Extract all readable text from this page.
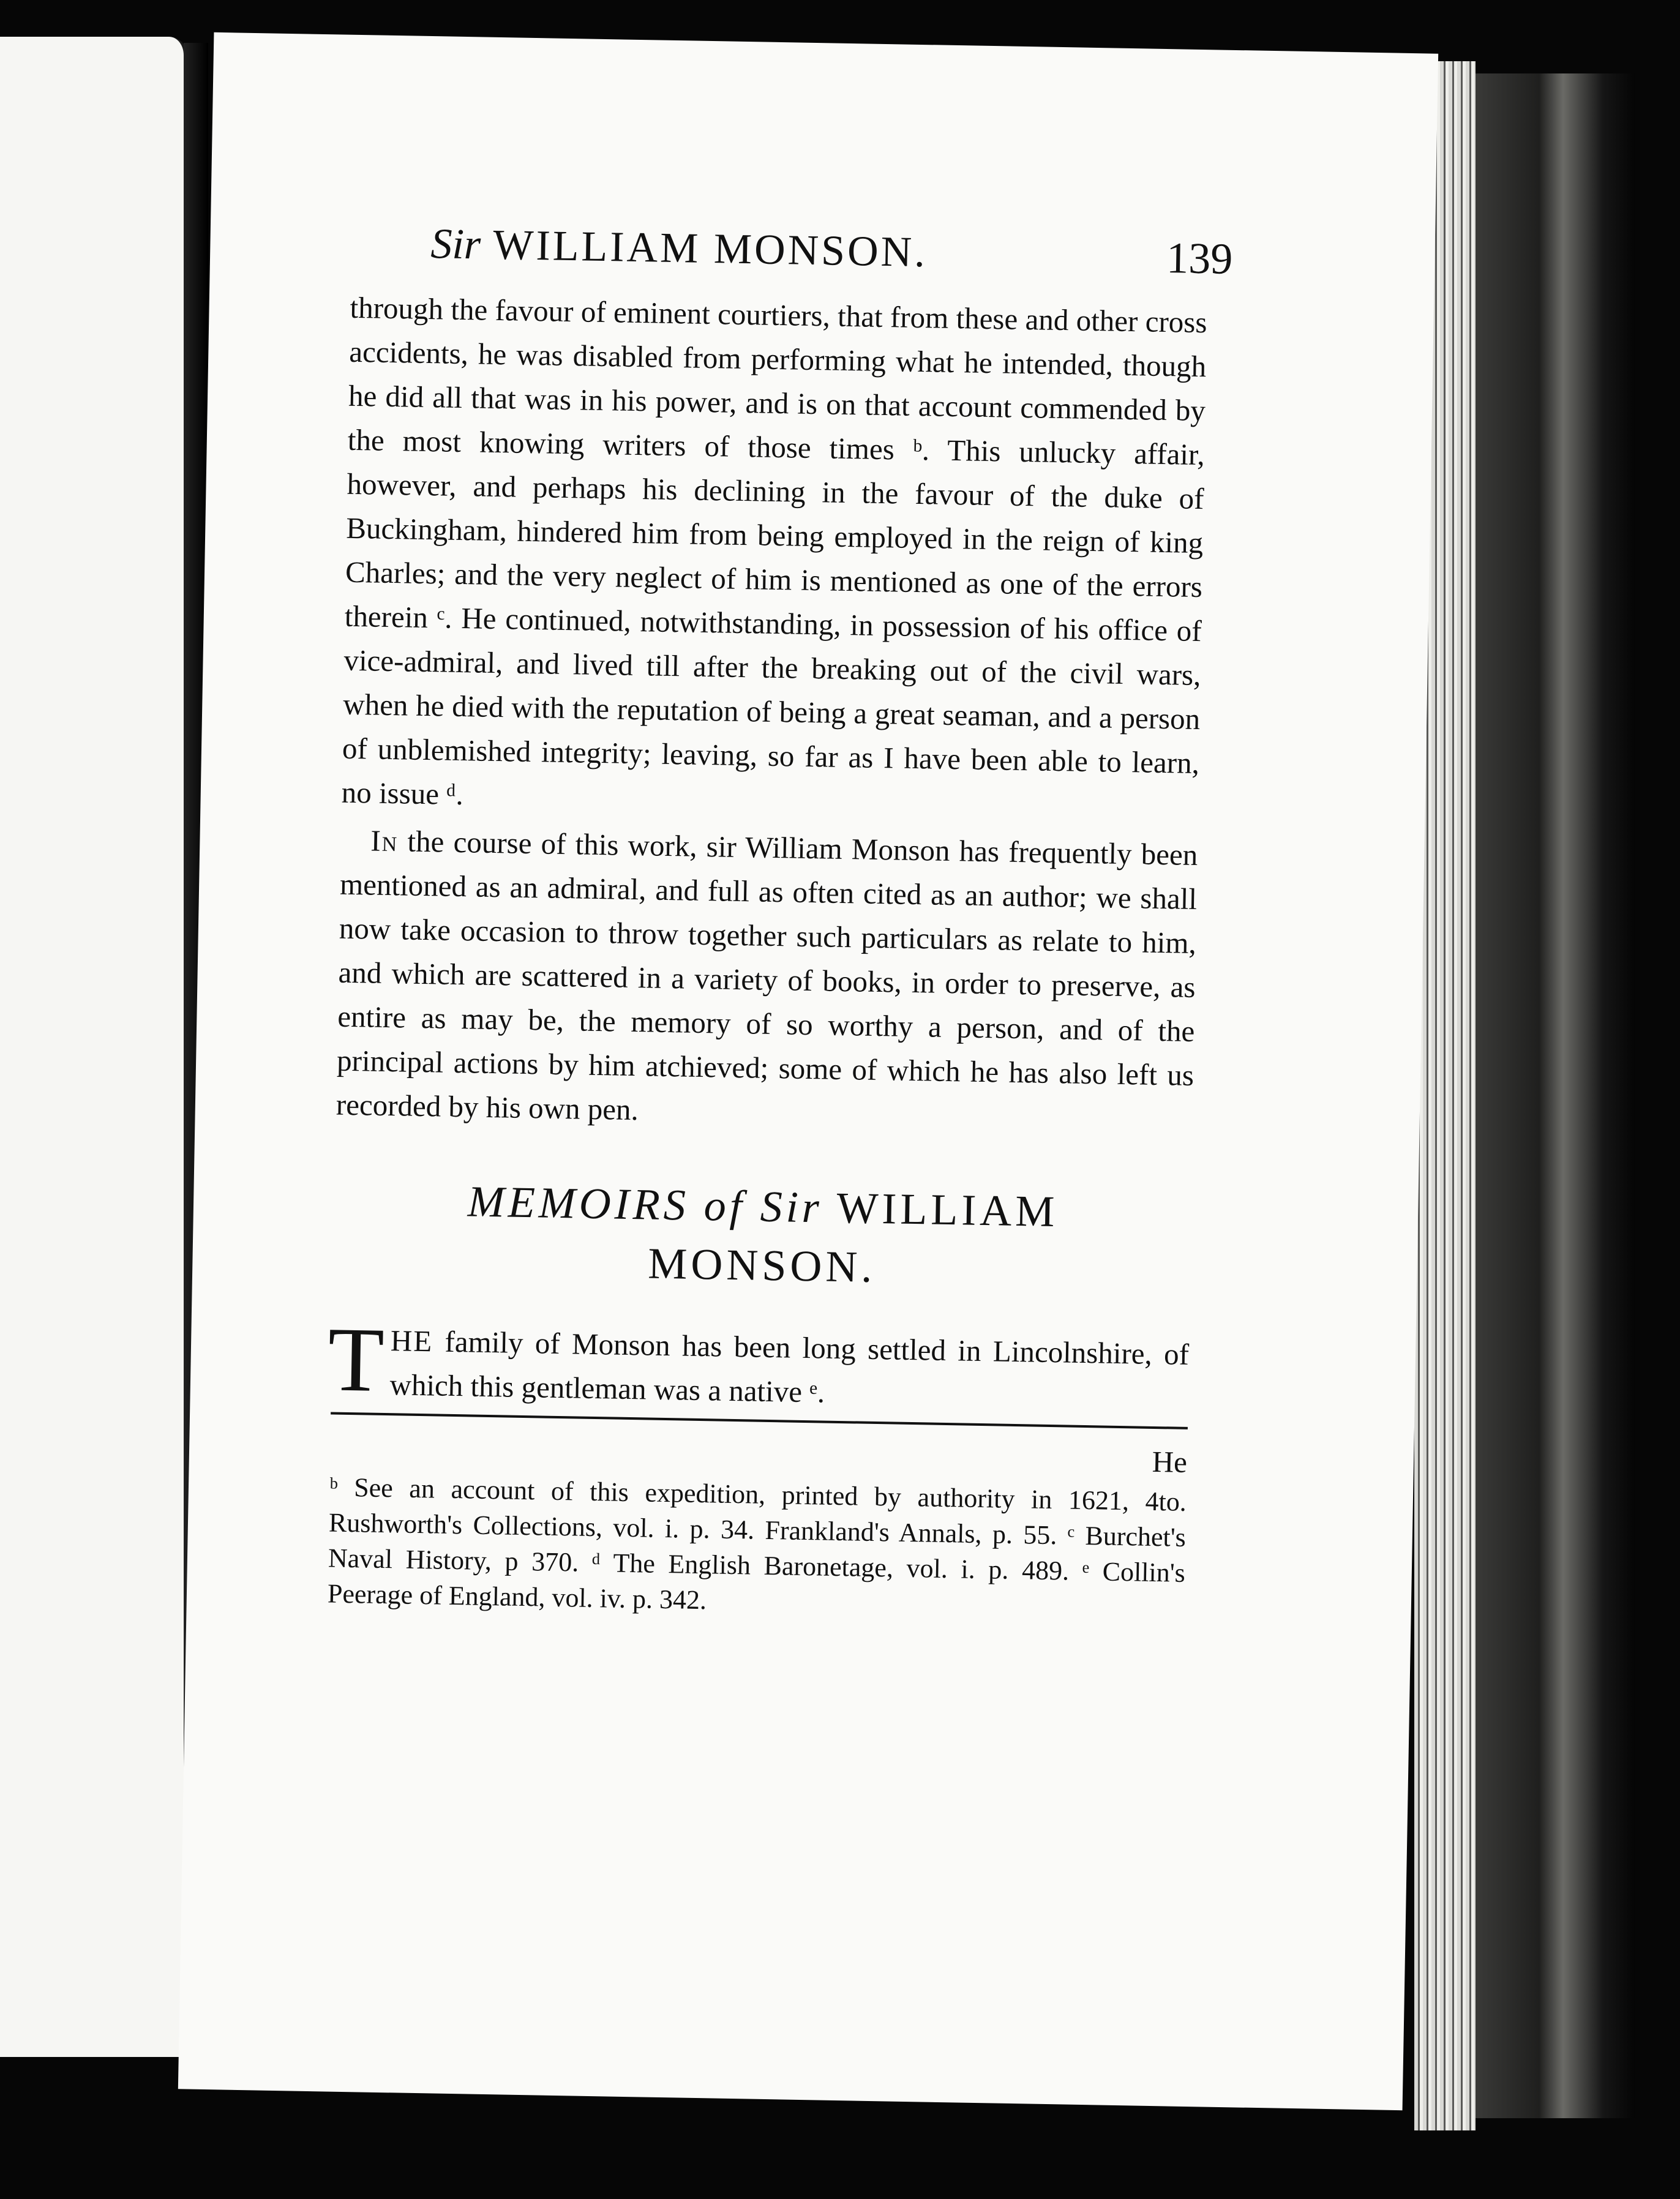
Sir WILLIAM MONSON.	139

through the favour of eminent courtiers, that from these and other cross accidents, he was disabled from performing what he intended, though he did all that was in his power, and is on that account commended by the most knowing writers of those times ᵇ. This unlucky affair, however, and perhaps his declining in the favour of the duke of Buckingham, hindered him from being employed in the reign of king Charles; and the very neglect of him is mentioned as one of the errors therein ᶜ. He continued, notwithstanding, in possession of his office of vice-admiral, and lived till after the breaking out of the civil wars, when he died with the reputation of being a great seaman, and a person of unblemished integrity; leaving, so far as I have been able to learn, no issue ᵈ.

 In the course of this work, sir William Monson has frequently been mentioned as an admiral, and full as often cited as an author; we shall now take occasion to throw together such particulars as relate to him, and which are scattered in a variety of books, in order to preserve, as entire as may be, the memory of so worthy a person, and of the principal actions by him atchieved; some of which he has also left us recorded by his own pen.

MEMOIRS of Sir WILLIAM
MONSON.

T HE family of Monson has been long settled in Lincolnshire, of which this gentleman was a native ᵉ.

He

ᵇ See an account of this expedition, printed by authority in 1621, 4to. Rushworth's Collections, vol. i. p. 34. Frankland's Annals, p. 55. ᶜ Burchet's Naval History, p 370. ᵈ The English Baronetage, vol. i. p. 489. ᵉ Collin's Peerage of England, vol. iv. p. 342.
